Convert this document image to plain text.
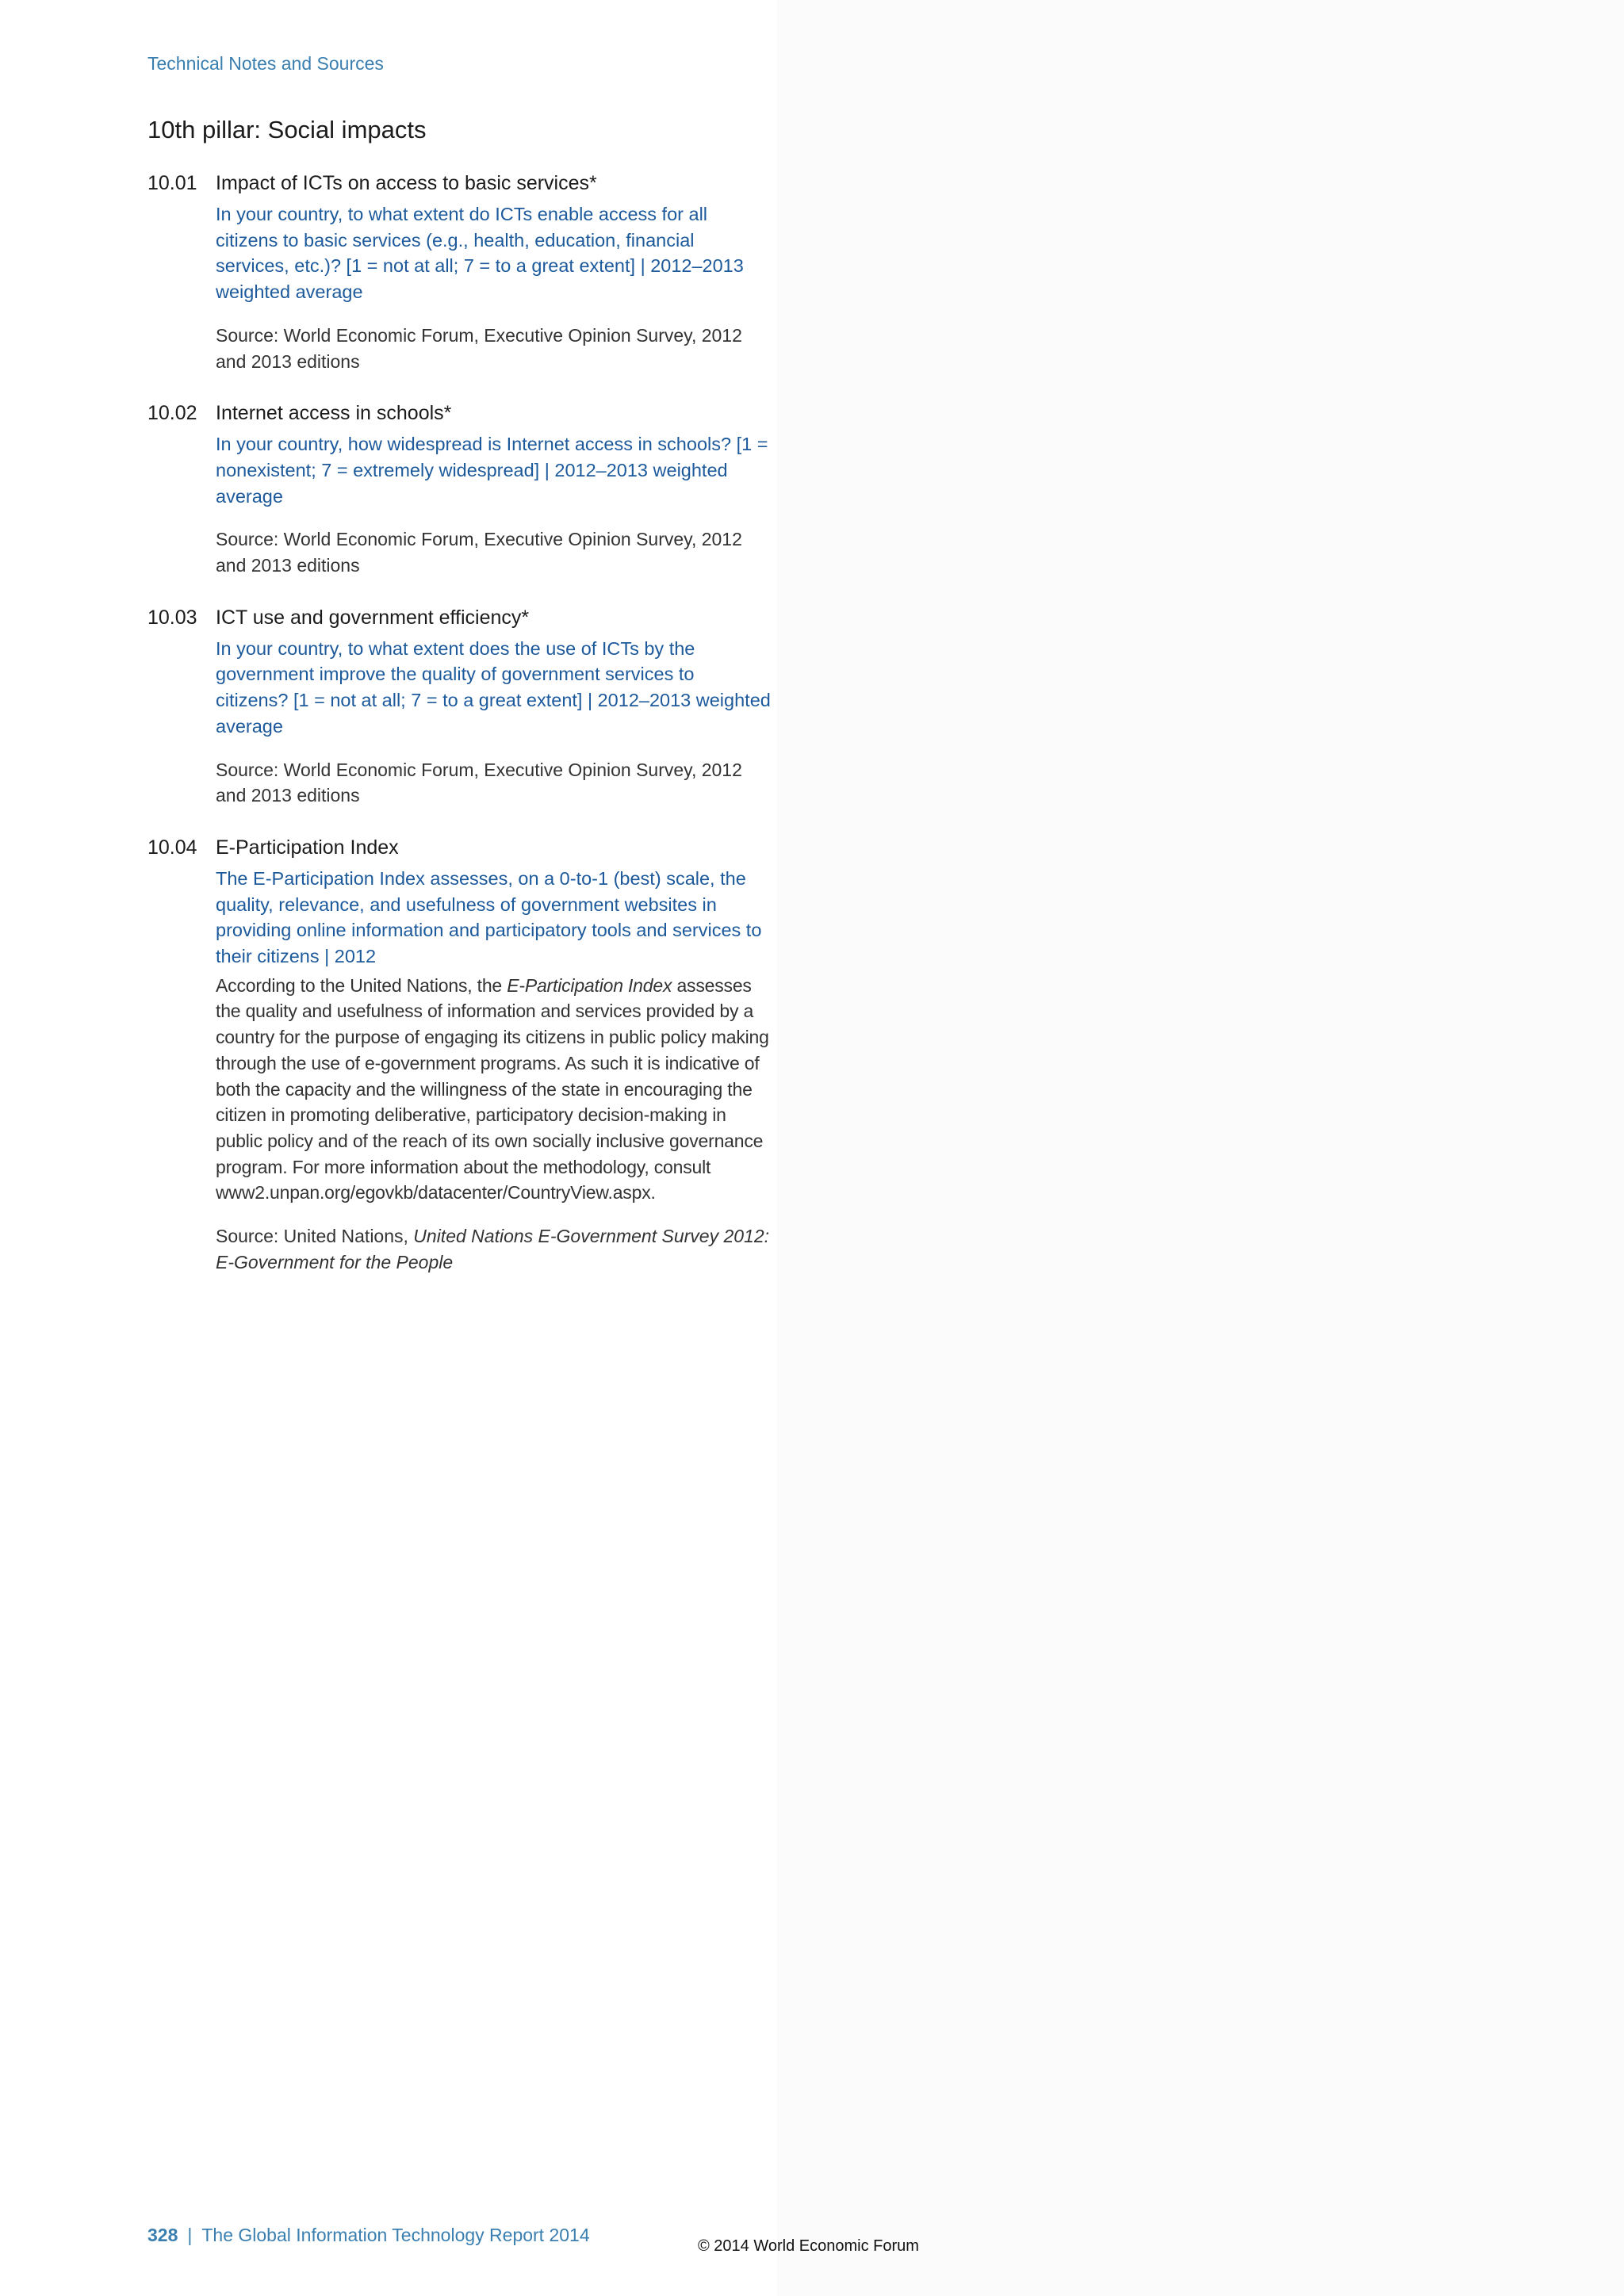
Technical Notes and Sources
10th pillar: Social impacts
10.01 Impact of ICTs on access to basic services*
In your country, to what extent do ICTs enable access for all citizens to basic services (e.g., health, education, financial services, etc.)? [1 = not at all; 7 = to a great extent] | 2012–2013 weighted average
Source: World Economic Forum, Executive Opinion Survey, 2012 and 2013 editions
10.02 Internet access in schools*
In your country, how widespread is Internet access in schools? [1 = nonexistent; 7 = extremely widespread] | 2012–2013 weighted average
Source: World Economic Forum, Executive Opinion Survey, 2012 and 2013 editions
10.03 ICT use and government efficiency*
In your country, to what extent does the use of ICTs by the government improve the quality of government services to citizens? [1 = not at all; 7 = to a great extent] | 2012–2013 weighted average
Source: World Economic Forum, Executive Opinion Survey, 2012 and 2013 editions
10.04 E-Participation Index
The E-Participation Index assesses, on a 0-to-1 (best) scale, the quality, relevance, and usefulness of government websites in providing online information and participatory tools and services to their citizens | 2012
According to the United Nations, the E-Participation Index assesses the quality and usefulness of information and services provided by a country for the purpose of engaging its citizens in public policy making through the use of e-government programs. As such it is indicative of both the capacity and the willingness of the state in encouraging the citizen in promoting deliberative, participatory decision-making in public policy and of the reach of its own socially inclusive governance program. For more information about the methodology, consult www2.unpan.org/egovkb/datacenter/CountryView.aspx.
Source: United Nations, United Nations E-Government Survey 2012: E-Government for the People
328 | The Global Information Technology Report 2014
© 2014 World Economic Forum
